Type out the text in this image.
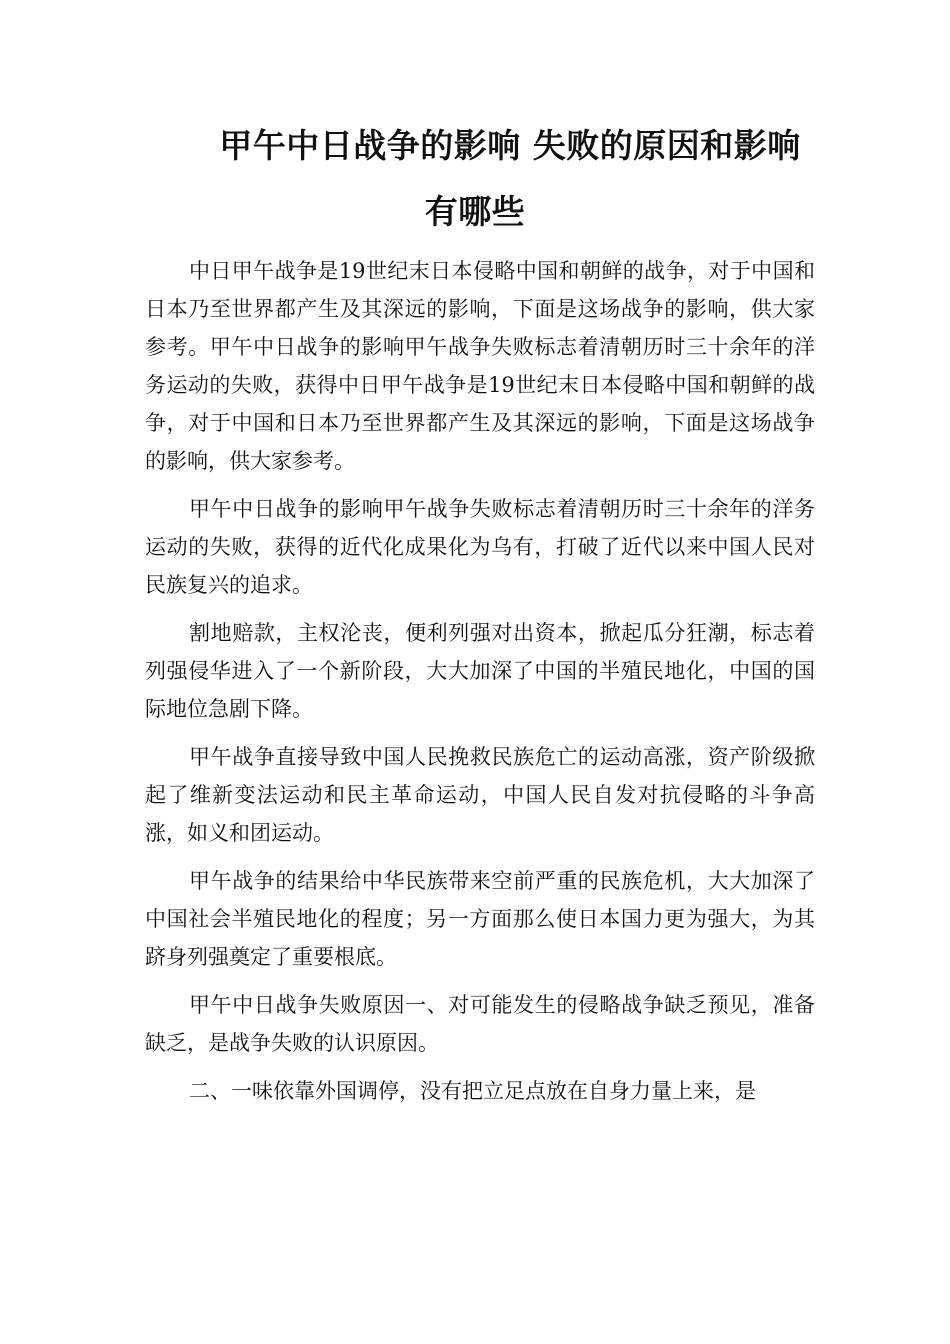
甲午中日战争的影响 失败的原因和影响
有哪些

中日甲午战争是19世纪末日本侵略中国和朝鲜的战争，对于中国和日本乃至世界都产生及其深远的影响，下面是这场战争的影响，供大家参考。甲午中日战争的影响甲午战争失败标志着清朝历时三十余年的洋务运动的失败，获得中日甲午战争是19世纪末日本侵略中国和朝鲜的战争，对于中国和日本乃至世界都产生及其深远的影响，下面是这场战争的影响，供大家参考。

甲午中日战争的影响甲午战争失败标志着清朝历时三十余年的洋务运动的失败，获得的近代化成果化为乌有，打破了近代以来中国人民对民族复兴的追求。

割地赔款，主权沦丧，便利列强对出资本，掀起瓜分狂潮，标志着列强侵华进入了一个新阶段，大大加深了中国的半殖民地化，中国的国际地位急剧下降。

甲午战争直接导致中国人民挽救民族危亡的运动高涨，资产阶级掀起了维新变法运动和民主革命运动，中国人民自发对抗侵略的斗争高涨，如义和团运动。

甲午战争的结果给中华民族带来空前严重的民族危机，大大加深了中国社会半殖民地化的程度；另一方面那么使日本国力更为强大，为其跻身列强奠定了重要根底。

甲午中日战争失败原因一、对可能发生的侵略战争缺乏预见，准备缺乏，是战争失败的认识原因。

二、一味依靠外国调停，没有把立足点放在自身力量上来，是
